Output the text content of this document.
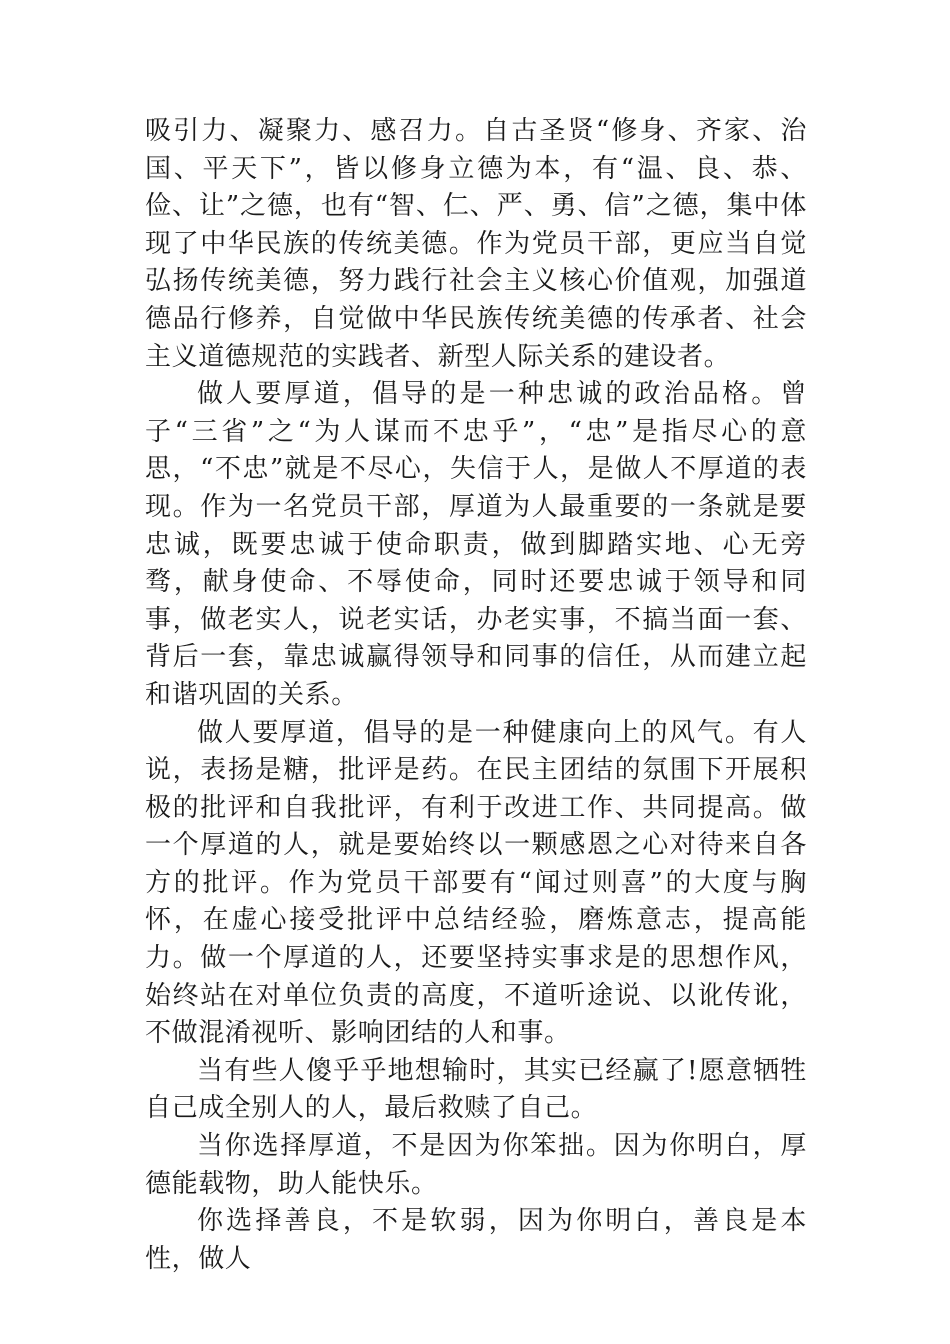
吸引力、凝聚力、感召力。自古圣贤“修身、齐家、治国、平天下”，皆以修身立德为本，有“温、良、恭、俭、让”之德，也有“智、仁、严、勇、信”之德，集中体现了中华民族的传统美德。作为党员干部，更应当自觉弘扬传统美德，努力践行社会主义核心价值观，加强道德品行修养，自觉做中华民族传统美德的传承者、社会主义道德规范的实践者、新型人际关系的建设者。

做人要厚道，倡导的是一种忠诚的政治品格。曾子“三省”之“为人谋而不忠乎”，“忠”是指尽心的意思，“不忠”就是不尽心，失信于人，是做人不厚道的表现。作为一名党员干部，厚道为人最重要的一条就是要忠诚，既要忠诚于使命职责，做到脚踏实地、心无旁骛，献身使命、不辱使命，同时还要忠诚于领导和同事，做老实人，说老实话，办老实事，不搞当面一套、背后一套，靠忠诚赢得领导和同事的信任，从而建立起和谐巩固的关系。

做人要厚道，倡导的是一种健康向上的风气。有人说，表扬是糖，批评是药。在民主团结的氛围下开展积极的批评和自我批评，有利于改进工作、共同提高。做一个厚道的人，就是要始终以一颗感恩之心对待来自各方的批评。作为党员干部要有“闻过则喜”的大度与胸怀，在虚心接受批评中总结经验，磨炼意志，提高能力。做一个厚道的人，还要坚持实事求是的思想作风，始终站在对单位负责的高度，不道听途说、以讹传讹，不做混淆视听、影响团结的人和事。

当有些人傻乎乎地想输时，其实已经赢了!愿意牺牲自己成全别人的人，最后救赎了自己。

当你选择厚道，不是因为你笨拙。因为你明白，厚德能载物，助人能快乐。

你选择善良，不是软弱，因为你明白，善良是本性，做人
